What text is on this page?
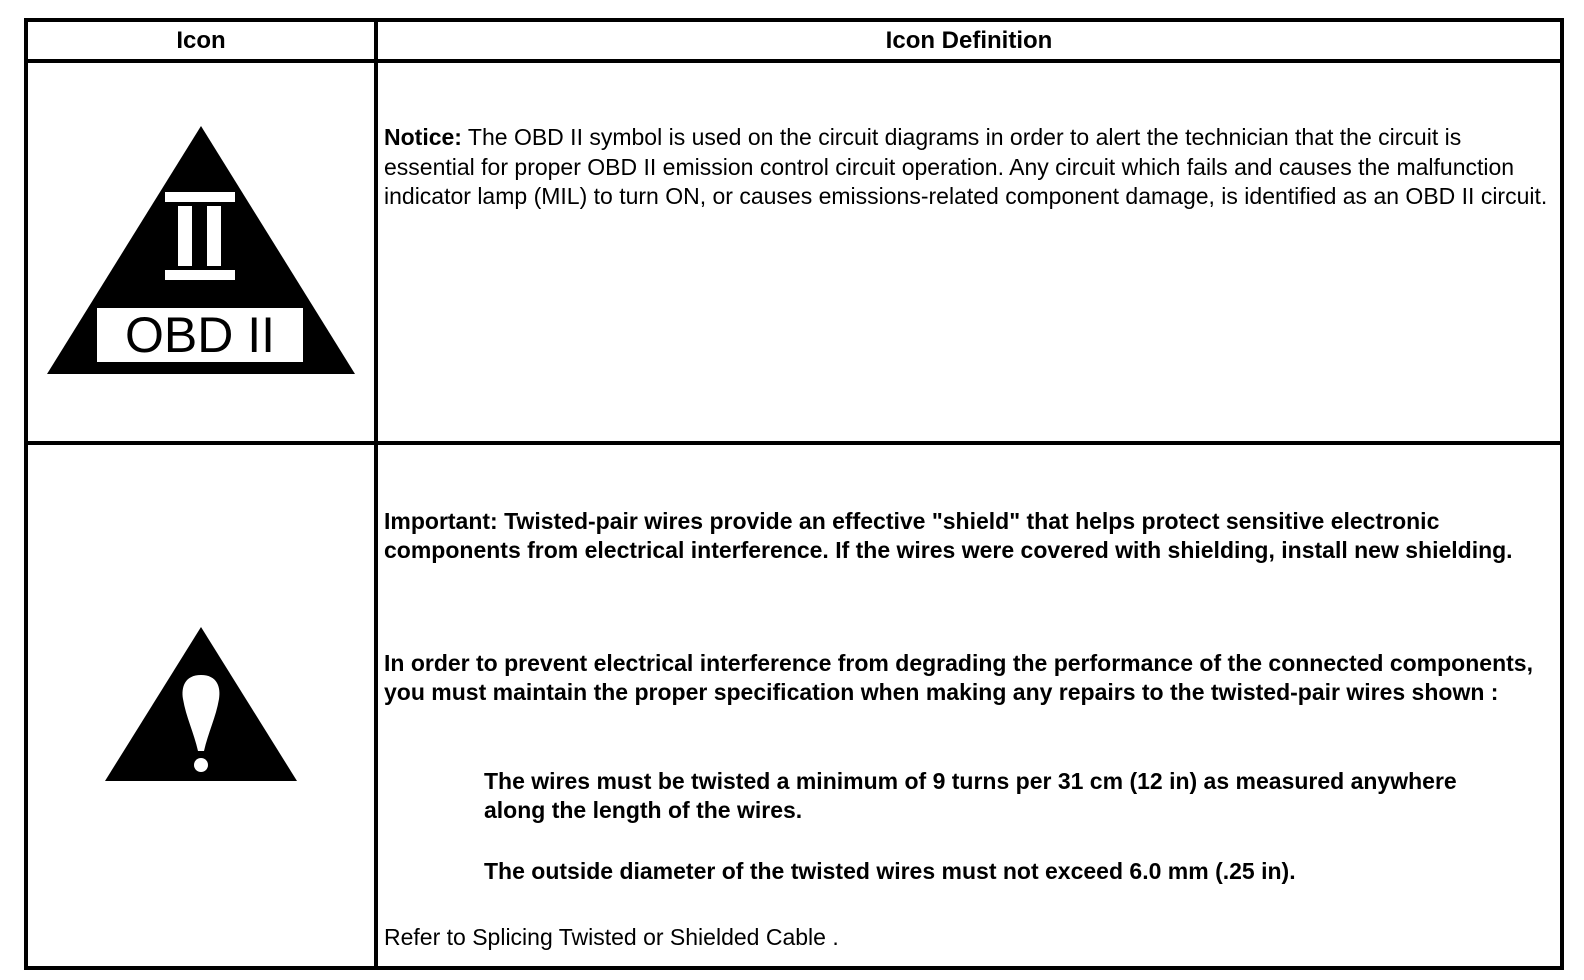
Icon	Icon Definition

OBD II	Notice: The OBD II symbol is used on the circuit diagrams in order to alert the technician that the circuit is essential for proper OBD II emission control circuit operation. Any circuit which fails and causes the malfunction indicator lamp (MIL) to turn ON, or causes emissions-related component damage, is identified as an OBD II circuit.

Important: Twisted-pair wires provide an effective "shield" that helps protect sensitive electronic components from electrical interference. If the wires were covered with shielding, install new shielding.
In order to prevent electrical interference from degrading the performance of the connected components, you must maintain the proper specification when making any repairs to the twisted-pair wires shown :
The wires must be twisted a minimum of 9 turns per 31 cm (12 in) as measured anywhere along the length of the wires.
The outside diameter of the twisted wires must not exceed 6.0 mm (.25 in).
Refer to Splicing Twisted or Shielded Cable .
